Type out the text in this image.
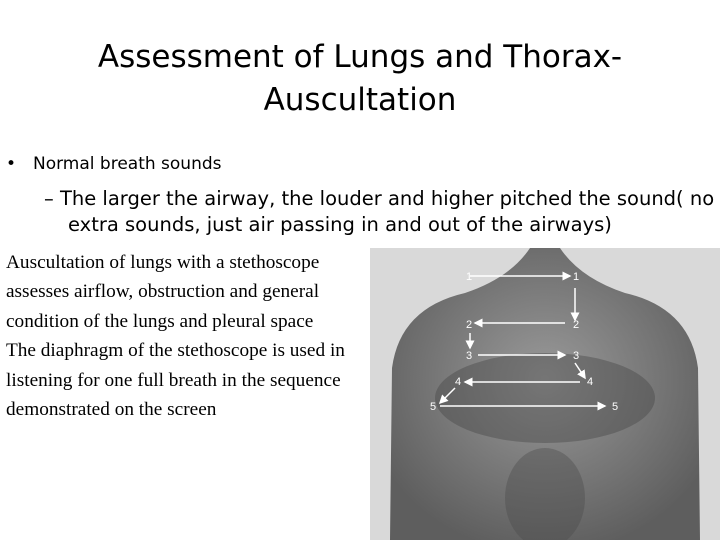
Assessment of Lungs and Thorax-
Auscultation
• Normal breath sounds
– The larger the airway, the louder and higher pitched the sound( no extra sounds, just air passing in and out of the airways)
1	1
2	2
3	3
4	4
5	5

Auscultation of lungs with a stethoscope assesses airflow, obstruction and general condition of the lungs and pleural space

The diaphragm of the stethoscope is used in listening for one full breath in the sequence demonstrated on the screen
